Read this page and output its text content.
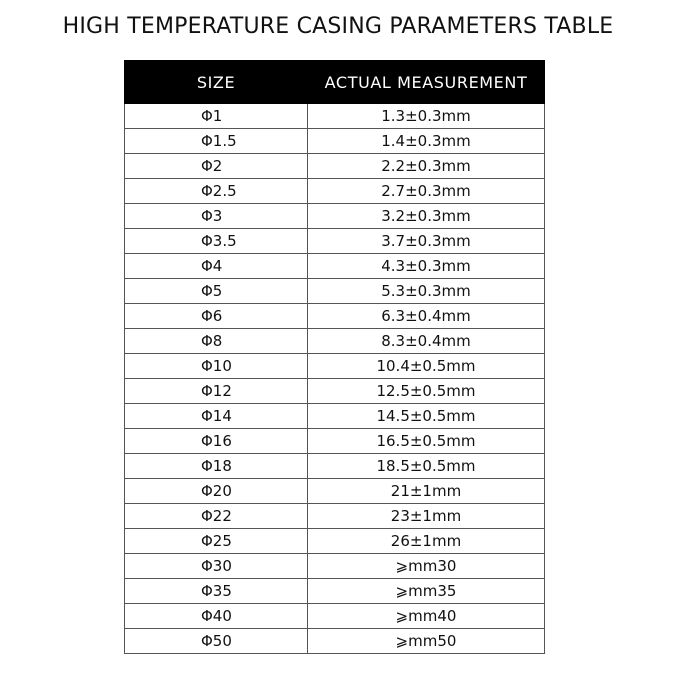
HIGH TEMPERATURE CASING PARAMETERS TABLE
SIZE	ACTUAL MEASUREMENT
Φ1	1.3±0.3mm
Φ1.5	1.4±0.3mm
Φ2	2.2±0.3mm
Φ2.5	2.7±0.3mm
Φ3	3.2±0.3mm
Φ3.5	3.7±0.3mm
Φ4	4.3±0.3mm
Φ5	5.3±0.3mm
Φ6	6.3±0.4mm
Φ8	8.3±0.4mm
Φ10	10.4±0.5mm
Φ12	12.5±0.5mm
Φ14	14.5±0.5mm
Φ16	16.5±0.5mm
Φ18	18.5±0.5mm
Φ20	21±1mm
Φ22	23±1mm
Φ25	26±1mm
Φ30	⩾mm30
Φ35	⩾mm35
Φ40	⩾mm40
Φ50	⩾mm50
